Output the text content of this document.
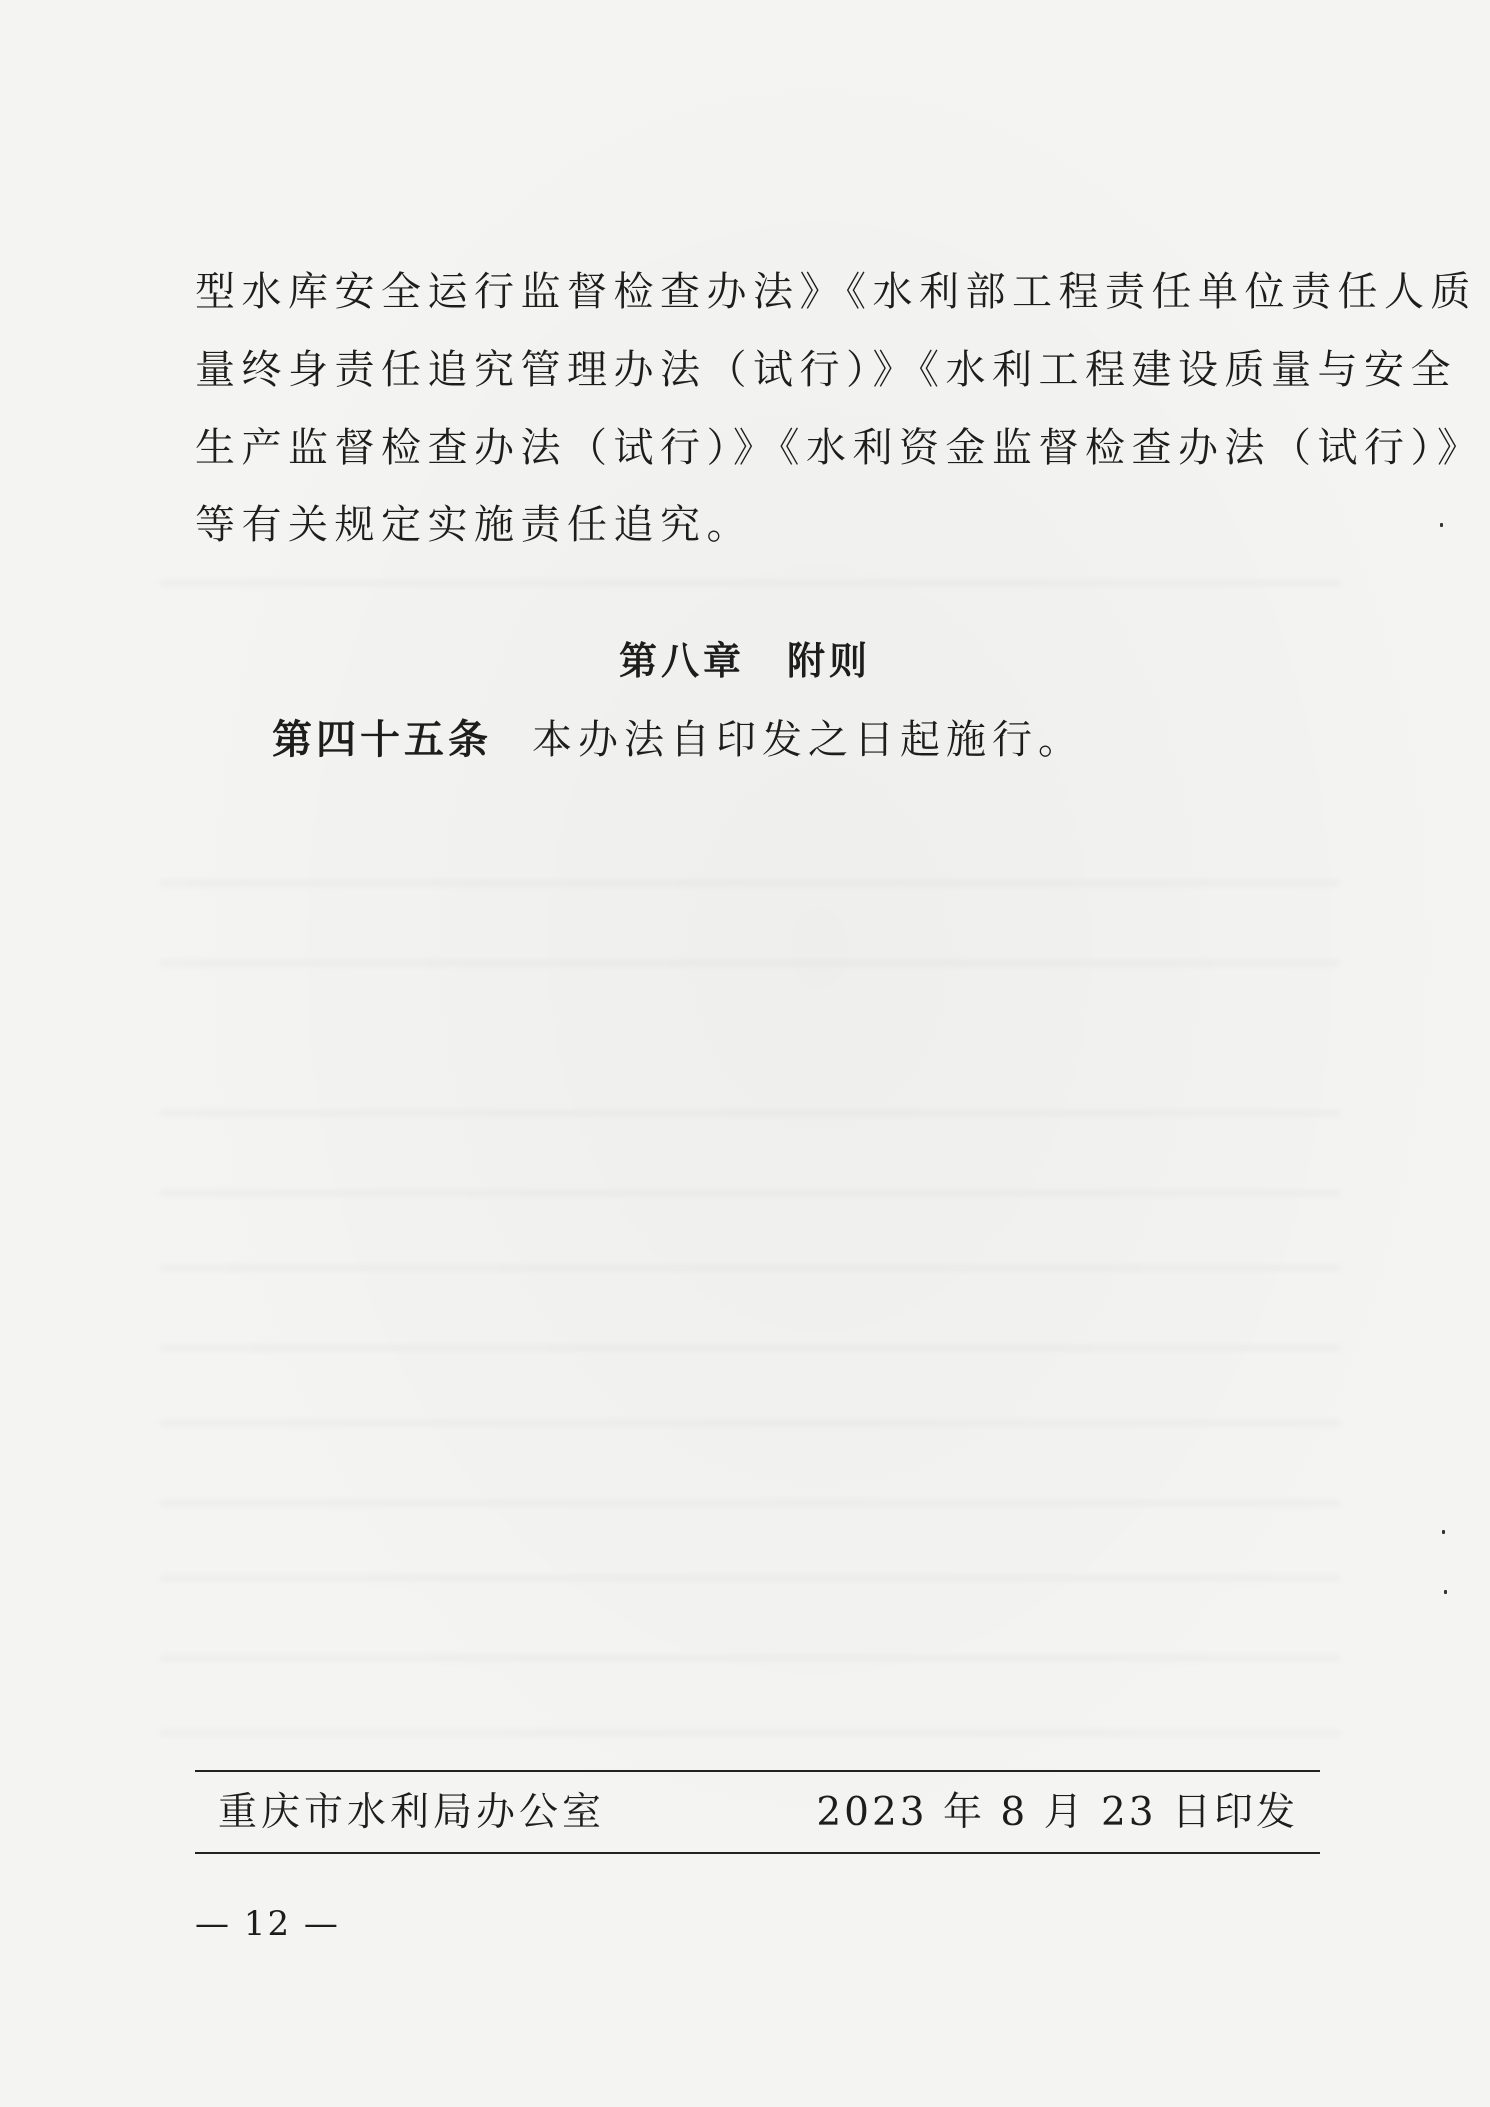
型水库安全运行监督检查办法》《水利部工程责任单位责任人质
量终身责任追究管理办法（试行）》《水利工程建设质量与安全
生产监督检查办法（试行）》《水利资金监督检查办法（试行）》
等有关规定实施责任追究。
第八章 附则
第四十五条 本办法自印发之日起施行。
重庆市水利局办公室	2023 年 8 月 23 日印发
— 12 —
